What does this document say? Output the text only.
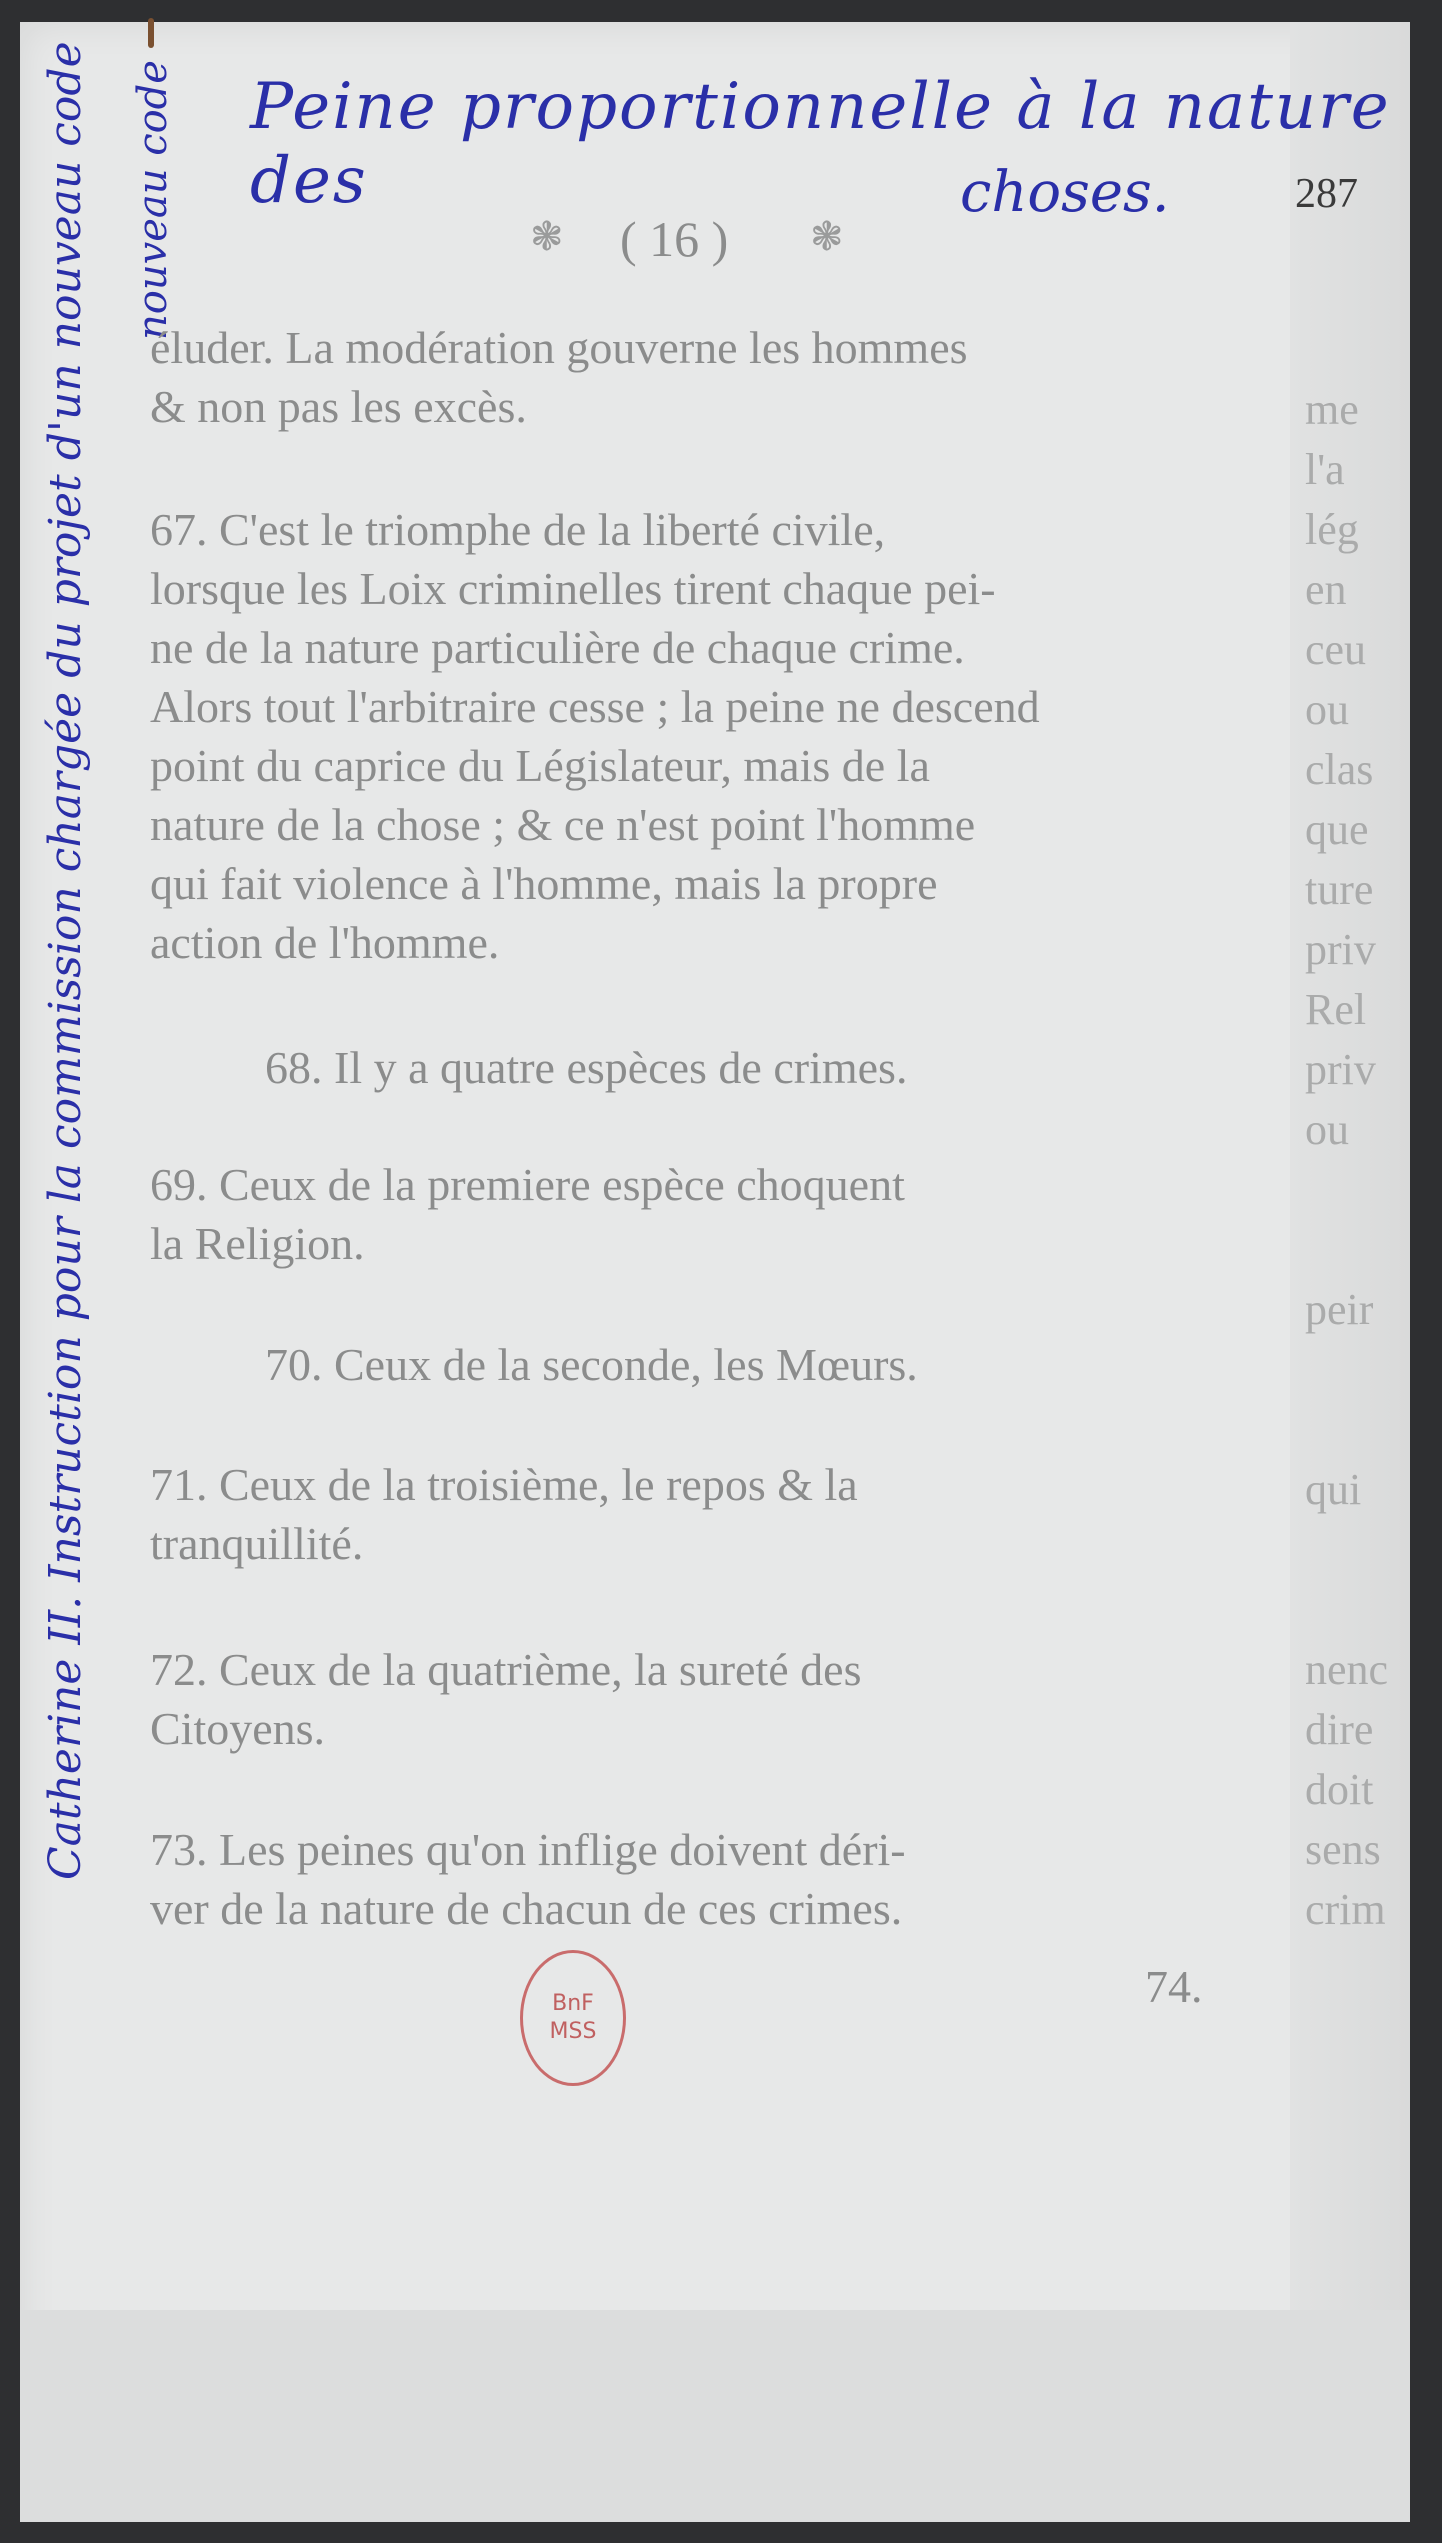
Peine proportionnelle à la nature des	choses.	287
Catherine II. Instruction pour la commission chargée du projet d'un nouveau code nouveau code	❃ ( 16 ) ❃
éluder. La modération gouverne les hommes
& non pas les excès.
67. C'est le triomphe de la liberté civile,
lorsque les Loix criminelles tirent chaque pei-
ne de la nature particulière de chaque crime.
Alors tout l'arbitraire cesse ; la peine ne descend
point du caprice du Législateur, mais de la
nature de la chose ; & ce n'est point l'homme
qui fait violence à l'homme, mais la propre
action de l'homme.
68. Il y a quatre espèces de crimes.
69. Ceux de la premiere espèce choquent
la Religion.
70. Ceux de la seconde, les Mœurs.
71. Ceux de la troisième, le repos & la
tranquillité.
72. Ceux de la quatrième, la sureté des
Citoyens.
73. Les peines qu'on inflige doivent déri-
ver de la nature de chacun de ces crimes.
74.
BnF
MSS
me
l'a
lég
en
ceu
ou
clas
que
ture
priv
Rel
priv
ou
peir
qui
nenc
dire
doit
sens
crim
